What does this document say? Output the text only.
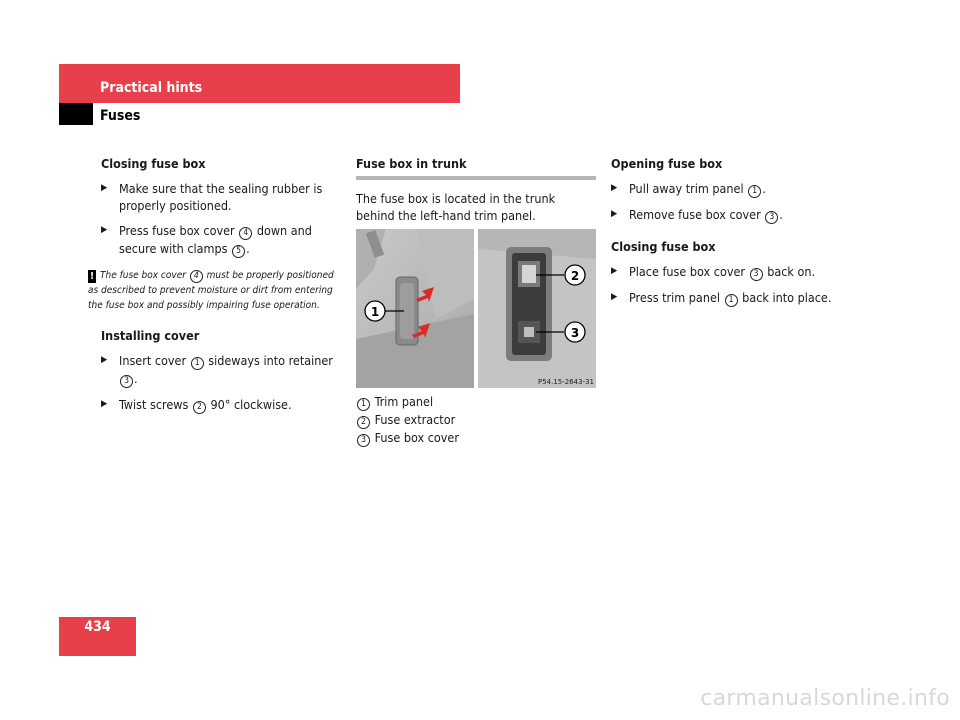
Practical hints
Fuses
Closing fuse box
▶ Make sure that the sealing rubber is properly positioned.
▶ Press fuse box cover 4 down and secure with clamps 5 .
! The fuse box cover 4 must be properly positioned as described to prevent moisture or dirt from entering the fuse box and possibly impairing fuse operation.
Installing cover
▶ Insert cover 1 sideways into retainer 3 .
▶ Twist screws 2 90° clockwise.
Fuse box in trunk
The fuse box is located in the trunk behind the left-hand trim panel.
1
2
3
P54.15-2643-31
1 Trim panel
2 Fuse extractor
3 Fuse box cover
Opening fuse box
▶ Pull away trim panel 1 .
▶ Remove fuse box cover 3 .
Closing fuse box
▶ Place fuse box cover 3 back on.
▶ Press trim panel 1 back into place.
434
carmanualsonline.info
